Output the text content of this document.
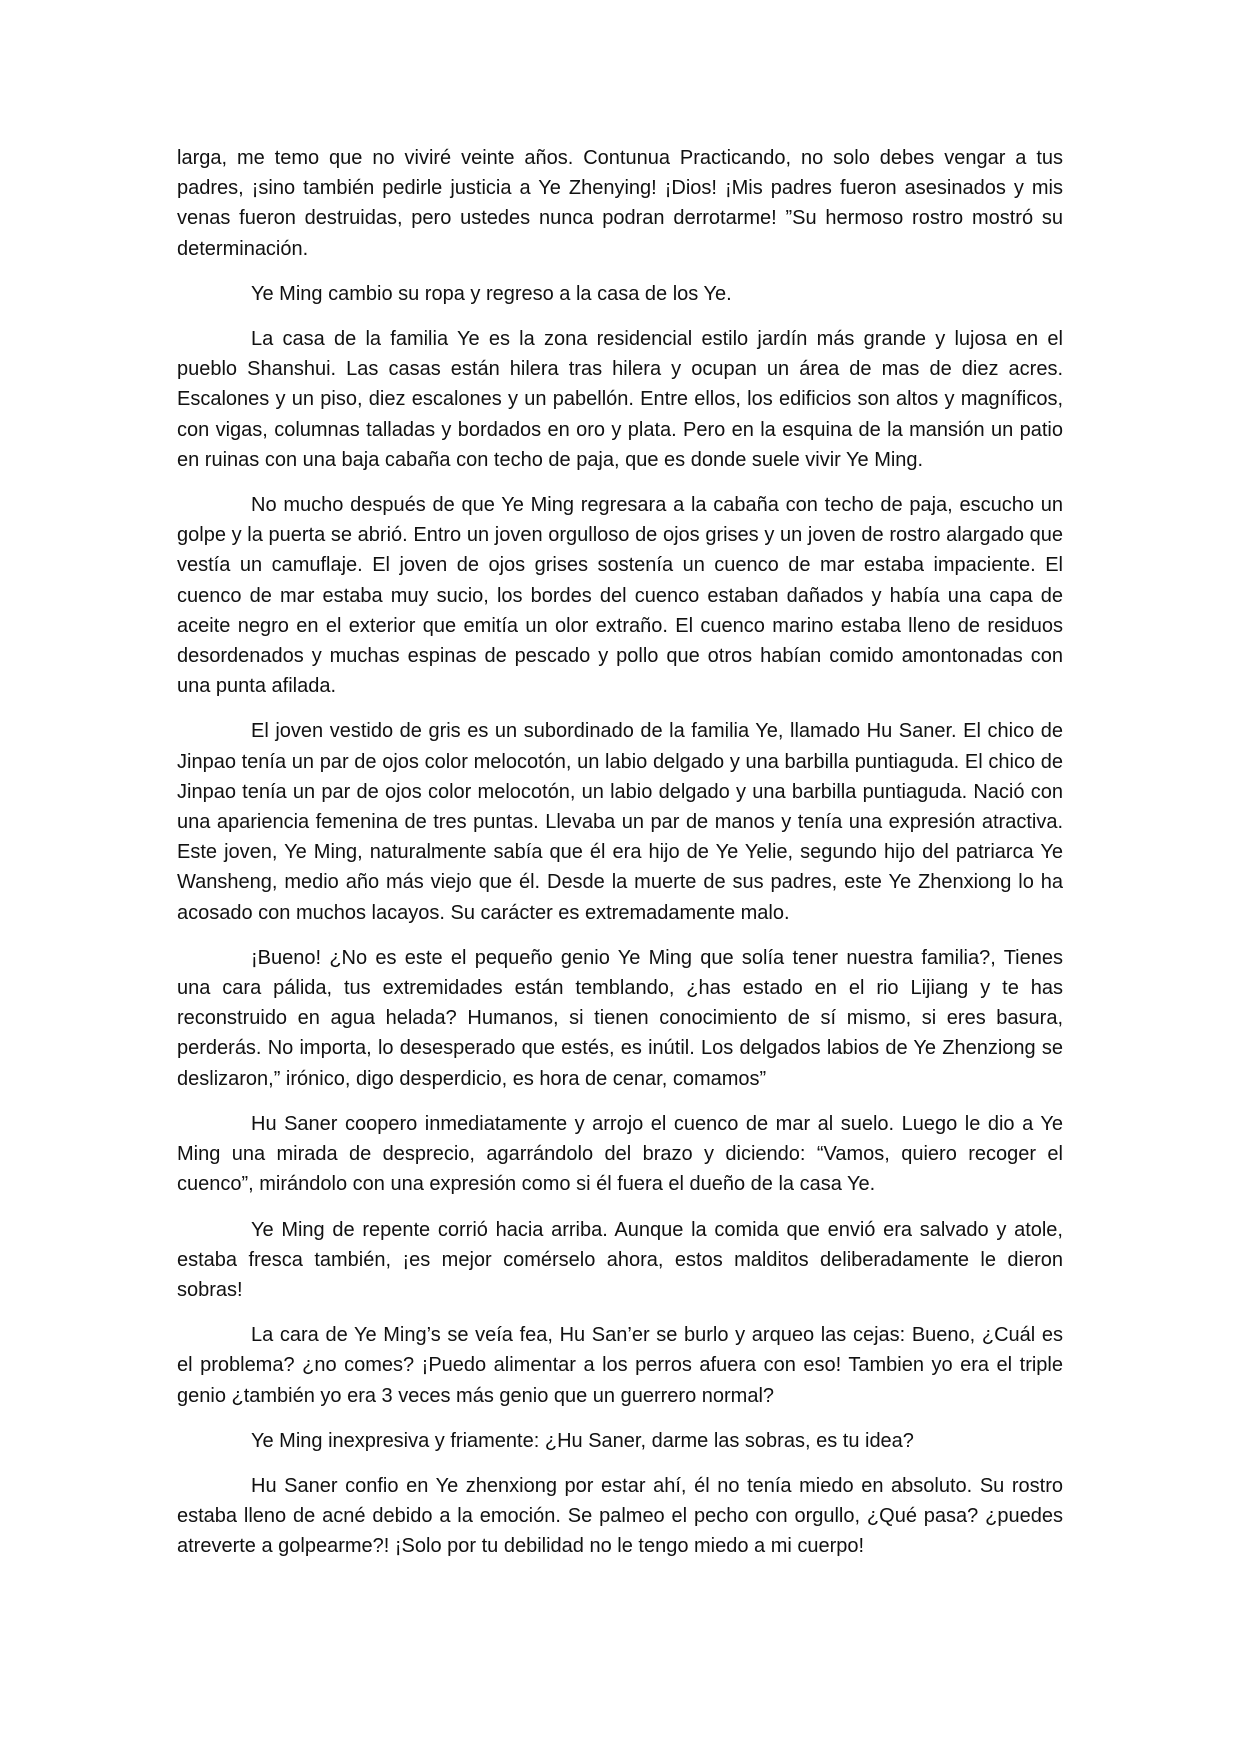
larga, me temo que no viviré veinte años. Contunua Practicando, no solo debes vengar a tus padres, ¡sino también pedirle justicia a Ye Zhenying! ¡Dios! ¡Mis padres fueron asesinados y mis venas fueron destruidas, pero ustedes nunca podran derrotarme! ”Su hermoso rostro mostró su determinación.

Ye Ming cambio su ropa y regreso a la casa de los Ye.

La casa de la familia Ye es la zona residencial estilo jardín más grande y lujosa en el pueblo Shanshui. Las casas están hilera tras hilera y ocupan un área de mas de diez acres. Escalones y un piso, diez escalones y un pabellón. Entre ellos, los edificios son altos y magníficos, con vigas, columnas talladas y bordados en oro y plata. Pero en la esquina de la mansión un patio en ruinas con una baja cabaña con techo de paja, que es donde suele vivir Ye Ming.

No mucho después de que Ye Ming regresara a la cabaña con techo de paja, escucho un golpe y la puerta se abrió. Entro un joven orgulloso de ojos grises y un joven de rostro alargado que vestía un camuflaje. El joven de ojos grises sostenía un cuenco de mar estaba impaciente. El cuenco de mar estaba muy sucio, los bordes del cuenco estaban dañados y había una capa de aceite negro en el exterior que emitía un olor extraño. El cuenco marino estaba lleno de residuos desordenados y muchas espinas de pescado y pollo que otros habían comido amontonadas con una punta afilada.

El joven vestido de gris es un subordinado de la familia Ye, llamado Hu Saner. El chico de Jinpao tenía un par de ojos color melocotón, un labio delgado y una barbilla puntiaguda. El chico de Jinpao tenía un par de ojos color melocotón, un labio delgado y una barbilla puntiaguda. Nació con una apariencia femenina de tres puntas. Llevaba un par de manos y tenía una expresión atractiva. Este joven, Ye Ming, naturalmente sabía que él era hijo de Ye Yelie, segundo hijo del patriarca Ye Wansheng, medio año más viejo que él. Desde la muerte de sus padres, este Ye Zhenxiong lo ha acosado con muchos lacayos. Su carácter es extremadamente malo.

¡Bueno! ¿No es este el pequeño genio Ye Ming que solía tener nuestra familia?, Tienes una cara pálida, tus extremidades están temblando, ¿has estado en el rio Lijiang y te has reconstruido en agua helada? Humanos, si tienen conocimiento de sí mismo, si eres basura, perderás. No importa, lo desesperado que estés, es inútil. Los delgados labios de Ye Zhenziong se deslizaron,” irónico, digo desperdicio, es hora de cenar, comamos”

Hu Saner coopero inmediatamente y arrojo el cuenco de mar al suelo. Luego le dio a Ye Ming una mirada de desprecio, agarrándolo del brazo y diciendo: “Vamos, quiero recoger el cuenco”, mirándolo con una expresión como si él fuera el dueño de la casa Ye.

Ye Ming de repente corrió hacia arriba. Aunque la comida que envió era salvado y atole, estaba fresca también, ¡es mejor comérselo ahora, estos malditos deliberadamente le dieron sobras!

La cara de Ye Ming’s se veía fea, Hu San’er se burlo y arqueo las cejas: Bueno, ¿Cuál es el problema? ¿no comes? ¡Puedo alimentar a los perros afuera con eso! Tambien yo era el triple genio ¿también yo era 3 veces más genio que un guerrero normal?

Ye Ming inexpresiva y friamente: ¿Hu Saner, darme las sobras, es tu idea?

Hu Saner confio en Ye zhenxiong por estar ahí, él no tenía miedo en absoluto. Su rostro estaba lleno de acné debido a la emoción. Se palmeo el pecho con orgullo, ¿Qué pasa? ¿puedes atreverte a golpearme?! ¡Solo por tu debilidad no le tengo miedo a mi cuerpo!
